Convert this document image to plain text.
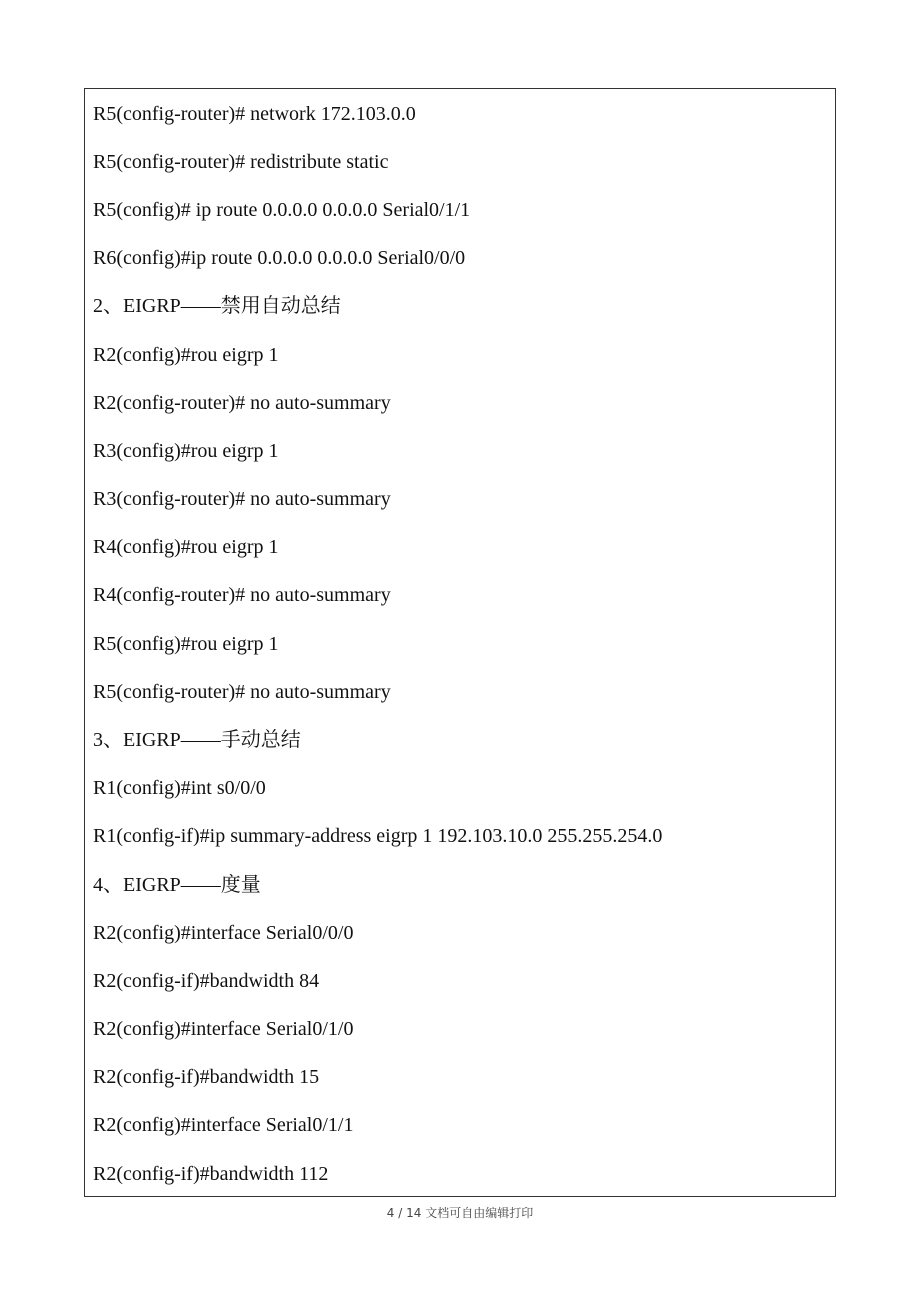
R5(config-router)# network 172.103.0.0
R5(config-router)# redistribute static
R5(config)# ip route 0.0.0.0 0.0.0.0 Serial0/1/1
R6(config)#ip route 0.0.0.0 0.0.0.0 Serial0/0/0
2、EIGRP——禁用自动总结
R2(config)#rou eigrp 1
R2(config-router)# no auto-summary
R3(config)#rou eigrp 1
R3(config-router)# no auto-summary
R4(config)#rou eigrp 1
R4(config-router)# no auto-summary
R5(config)#rou eigrp 1
R5(config-router)# no auto-summary
3、EIGRP——手动总结
R1(config)#int s0/0/0
R1(config-if)#ip summary-address eigrp 1 192.103.10.0 255.255.254.0
4、EIGRP——度量
R2(config)#interface Serial0/0/0
R2(config-if)#bandwidth 84
R2(config)#interface Serial0/1/0
R2(config-if)#bandwidth 15
R2(config)#interface Serial0/1/1
R2(config-if)#bandwidth 112
4 / 14 文档可自由编辑打印
